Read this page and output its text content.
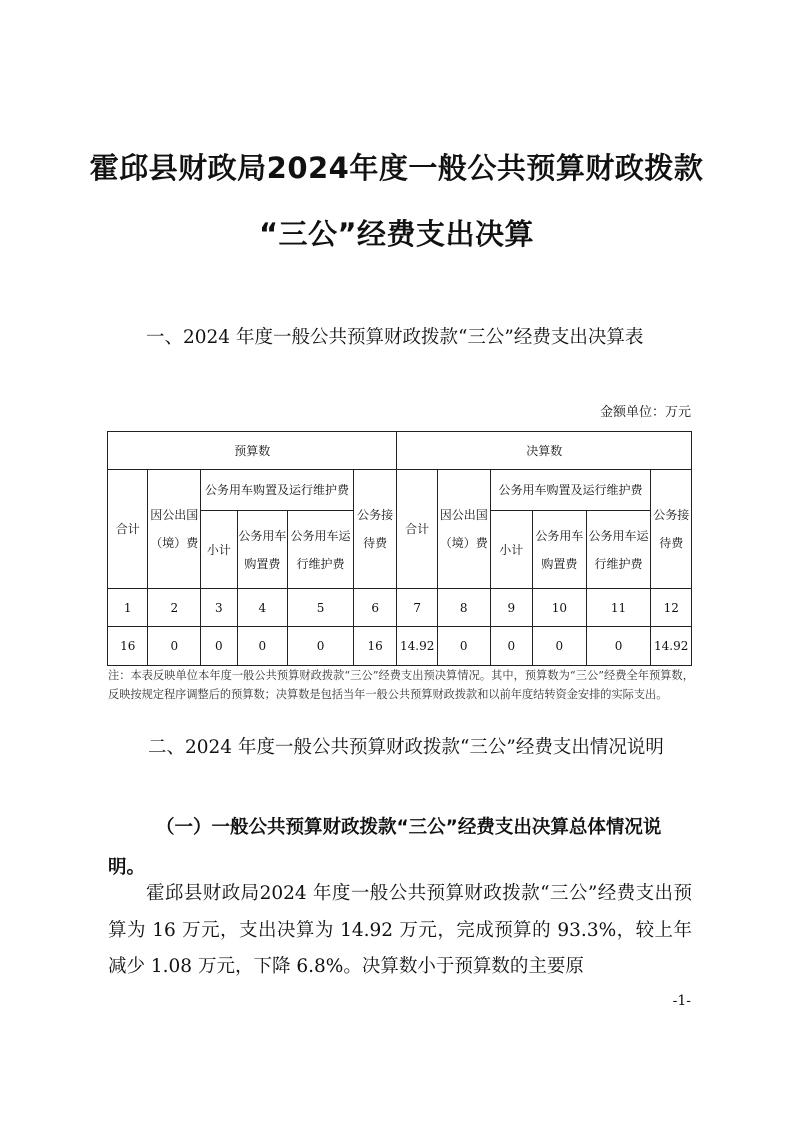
霍邱县财政局2024年度一般公共预算财政拨款
“三公”经费支出决算
一、2024 年度一般公共预算财政拨款“三公”经费支出决算表
金额单位：万元
预算数						决算数					
合计	因公出国（境）费	公务用车购置及运行维护费			公务接待费	合计	因公出国（境）费	公务用车购置及运行维护费			公务接待费
		小计	公务用车购置费	公务用车运行维护费				小计	公务用车购置费	公务用车运行维护费	
1	2	3	4	5	6	7	8	9	10	11	12
16	0	0	0	0	16	14.92	0	0	0	0	14.92
注：本表反映单位本年度一般公共预算财政拨款“三公”经费支出预决算情况。其中，预算数为“三公”经费全年预算数，反映按规定程序调整后的预算数；决算数是包括当年一般公共预算财政拨款和以前年度结转资金安排的实际支出。
二、2024 年度一般公共预算财政拨款“三公”经费支出情况说明
（一）一般公共预算财政拨款“三公”经费支出决算总体情况说明。
霍邱县财政局2024 年度一般公共预算财政拨款“三公”经费支出预算为 16 万元，支出决算为 14.92 万元，完成预算的 93.3%，较上年减少 1.08 万元，下降 6.8%。决算数小于预算数的主要原
-1-
